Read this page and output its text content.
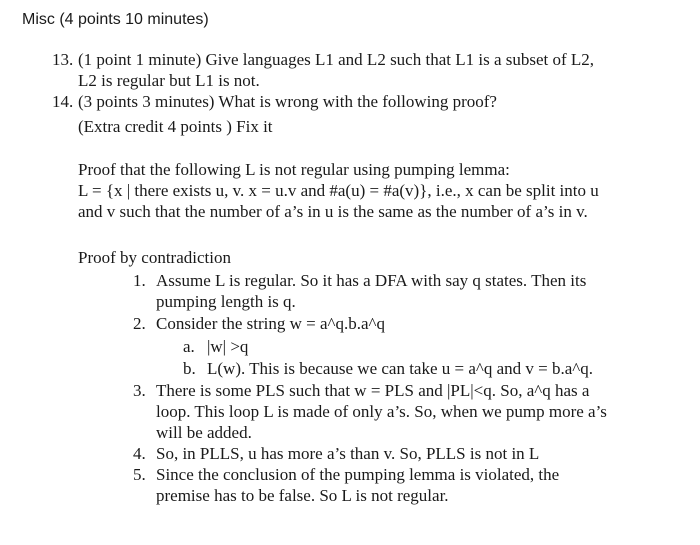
Misc (4 points 10 minutes)
13. (1 point 1 minute) Give languages L1 and L2 such that L1 is a subset of L2,
L2 is regular but L1 is not.
14. (3 points 3 minutes) What is wrong with the following proof?
(Extra credit 4 points ) Fix it
Proof that the following L is not regular using pumping lemma:
L = {x | there exists u, v. x = u.v and #a(u) = #a(v)}, i.e., x can be split into u
and v such that the number of a’s in u is the same as the number of a’s in v.
Proof by contradiction
1. Assume L is regular. So it has a DFA with say q states. Then its
pumping length is q.
2. Consider the string w = a^q.b.a^q
a. |w| >q
b. L(w). This is because we can take u = a^q and v = b.a^q.
3. There is some PLS such that w = PLS and |PL|<q. So, a^q has a
loop. This loop L is made of only a’s. So, when we pump more a’s
will be added.
4. So, in PLLS, u has more a’s than v. So, PLLS is not in L
5. Since the conclusion of the pumping lemma is violated, the
premise has to be false. So L is not regular.
